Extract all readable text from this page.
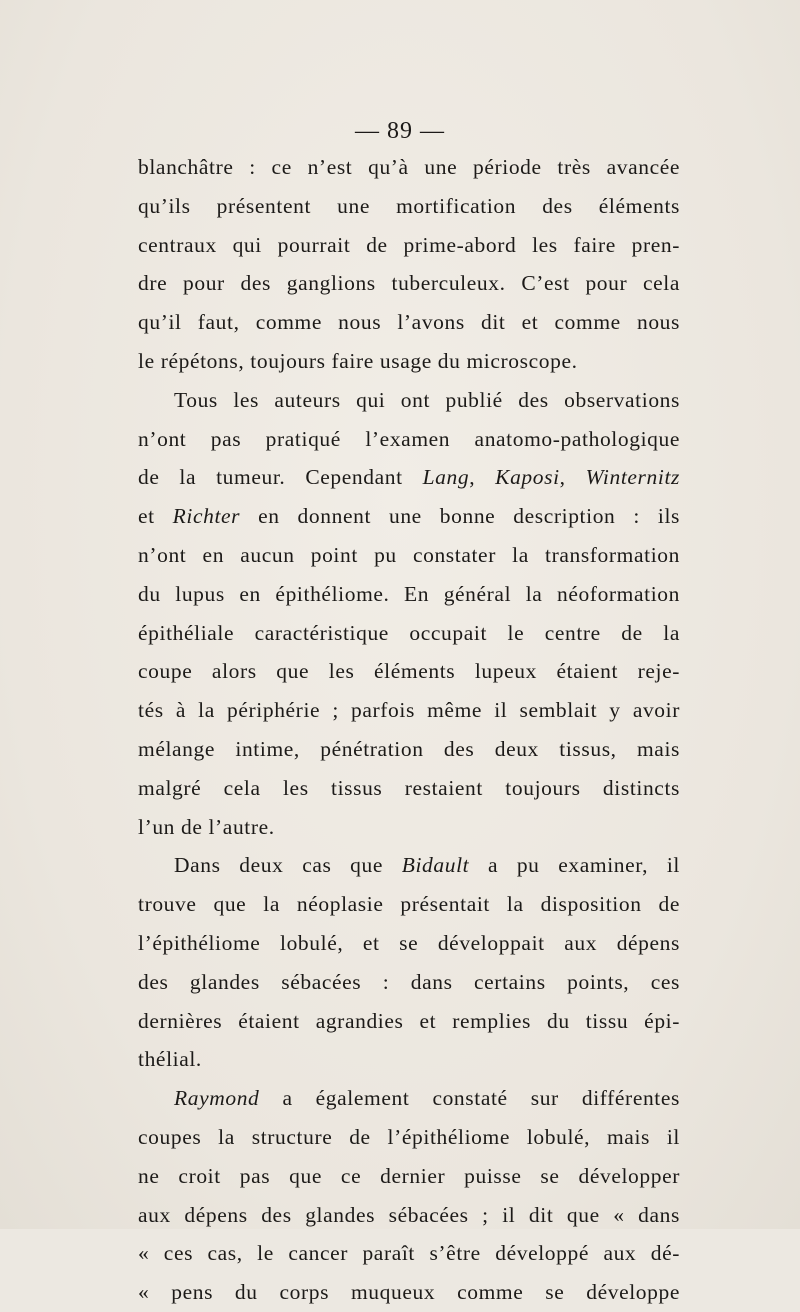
— 89 —
blanchâtre : ce n’est qu’à une période très avancée
qu’ils présentent une mortification des éléments
centraux qui pourrait de prime-abord les faire pren-
dre pour des ganglions tuberculeux. C’est pour cela
qu’il faut, comme nous l’avons dit et comme nous
le répétons, toujours faire usage du microscope.
Tous les auteurs qui ont publié des observations
n’ont pas pratiqué l’examen anatomo-pathologique
de la tumeur. Cependant Lang, Kaposi, Winternitz
et Richter en donnent une bonne description : ils
n’ont en aucun point pu constater la transformation
du lupus en épithéliome. En général la néoformation
épithéliale caractéristique occupait le centre de la
coupe alors que les éléments lupeux étaient reje-
tés à la périphérie ; parfois même il semblait y avoir
mélange intime, pénétration des deux tissus, mais
malgré cela les tissus restaient toujours distincts
l’un de l’autre.
Dans deux cas que Bidault a pu examiner, il
trouve que la néoplasie présentait la disposition de
l’épithéliome lobulé, et se développait aux dépens
des glandes sébacées : dans certains points, ces
dernières étaient agrandies et remplies du tissu épi-
thélial.
Raymond a également constaté sur différentes
coupes la structure de l’épithéliome lobulé, mais il
ne croit pas que ce dernier puisse se développer
aux dépens des glandes sébacées ; il dit que « dans
« ces cas, le cancer paraît s’être développé aux dé-
« pens du corps muqueux comme se développe
